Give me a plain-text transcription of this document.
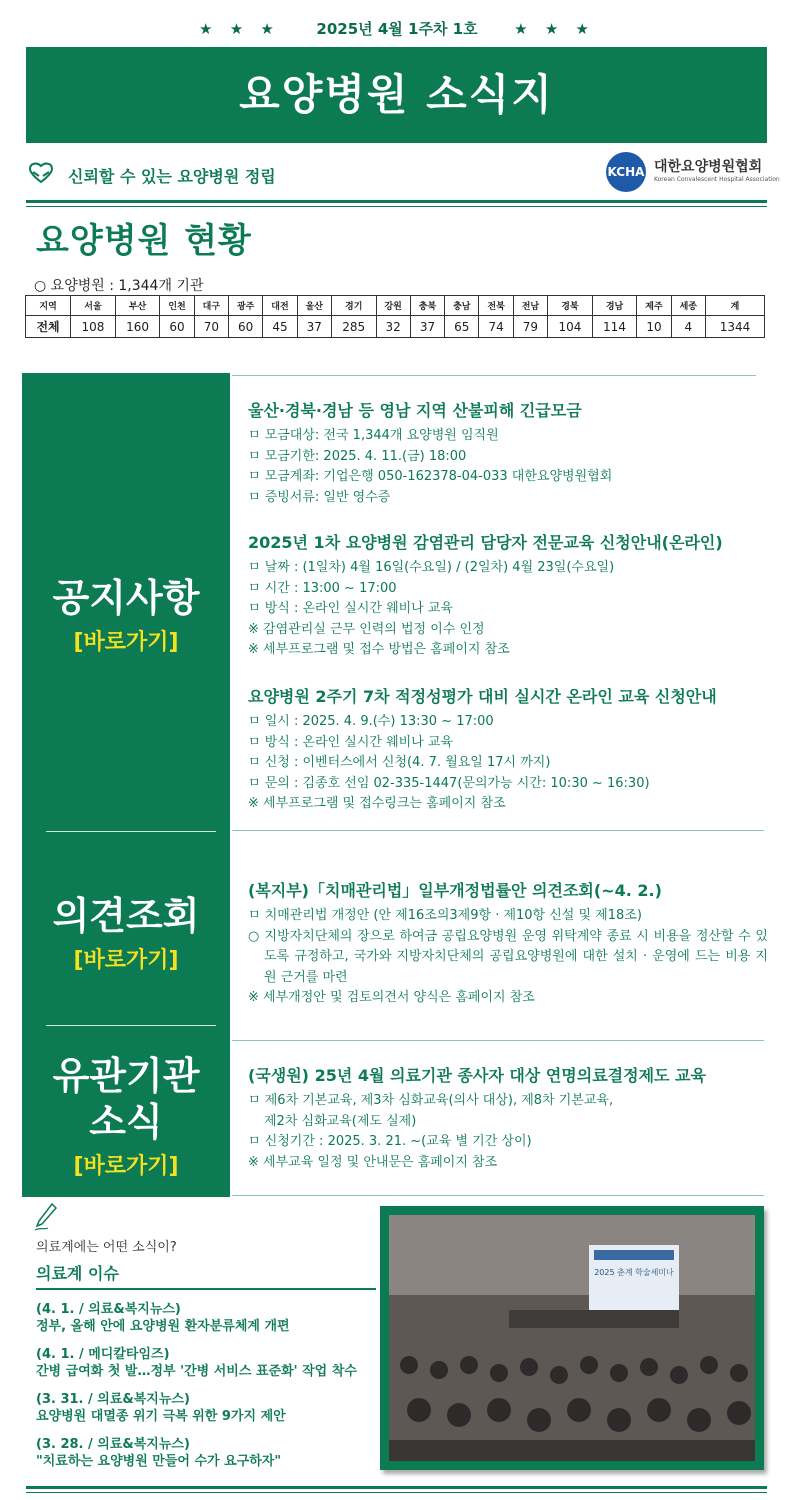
★ ★ ★ 2025년 4월 1주차 1호 ★ ★ ★
요양병원 소식지
신뢰할 수 있는 요양병원 정립	KCHA 대한요양병원협회
Korean Convalescent Hospital Association
요양병원 현황
○ 요양병원 : 1,344개 기관
지역	서울	부산	인천	대구	광주	대전	울산	경기	강원	충북	충남	전북	전남	경북	경남	제주	세종	계
전체	108	160	60	70	60	45	37	285	32	37	65	74	79	104	114	10	4	1344
공지사항
[바로가기]
의견조회
[바로가기]
유관기관
소식
[바로가기]
울산·경북·경남 등 영남 지역 산불피해 긴급모금
ㅁ 모금대상: 전국 1,344개 요양병원 임직원
ㅁ 모금기한: 2025. 4. 11.(금) 18:00
ㅁ 모금계좌: 기업은행 050-162378-04-033 대한요양병원협회
ㅁ 증빙서류: 일반 영수증
2025년 1차 요양병원 감염관리 담당자 전문교육 신청안내(온라인)
ㅁ 날짜 : (1일차) 4월 16일(수요일) / (2일차) 4월 23일(수요일)
ㅁ 시간 : 13:00 ~ 17:00
ㅁ 방식 : 온라인 실시간 웨비나 교육
※ 감염관리실 근무 인력의 법정 이수 인정
※ 세부프로그램 및 접수 방법은 홈페이지 참조
요양병원 2주기 7차 적정성평가 대비 실시간 온라인 교육 신청안내
ㅁ 일시 : 2025. 4. 9.(수) 13:30 ~ 17:00
ㅁ 방식 : 온라인 실시간 웨비나 교육
ㅁ 신청 : 이벤터스에서 신청(4. 7. 월요일 17시 까지)
ㅁ 문의 : 김종호 선임 02-335-1447(문의가능 시간: 10:30 ~ 16:30)
※ 세부프로그램 및 접수링크는 홈페이지 참조
(복지부)「치매관리법」일부개정법률안 의견조회(~4. 2.)
ㅁ 치매관리법 개정안 (안 제16조의3제9항 · 제10항 신설 및 제18조)
○ 지방자치단체의 장으로 하여금 공립요양병원 운영 위탁계약 종료 시 비용을 정산할 수 있도록 규정하고, 국가와 지방자치단체의 공립요양병원에 대한 설치 · 운영에 드는 비용 지원 근거를 마련
※ 세부개정안 및 검토의견서 양식은 홈페이지 참조
(국생원) 25년 4월 의료기관 종사자 대상 연명의료결정제도 교육
ㅁ 제6차 기본교육, 제3차 심화교육(의사 대상), 제8차 기본교육,
제2차 심화교육(제도 실제)
ㅁ 신청기간 : 2025. 3. 21. ~(교육 별 기간 상이)
※ 세부교육 일정 및 안내문은 홈페이지 참조
의료계에는 어떤 소식이?
의료계 이슈
(4. 1. / 의료&복지뉴스)
정부, 올해 안에 요양병원 환자분류체계 개편
(4. 1. / 메디칼타임즈)
간병 급여화 첫 발…정부 '간병 서비스 표준화' 작업 착수
(3. 31. / 의료&복지뉴스)
요양병원 대멸종 위기 극복 위한 9가지 제안
(3. 28. / 의료&복지뉴스)
"치료하는 요양병원 만들어 수가 요구하자"
2025 춘계 학술세미나
